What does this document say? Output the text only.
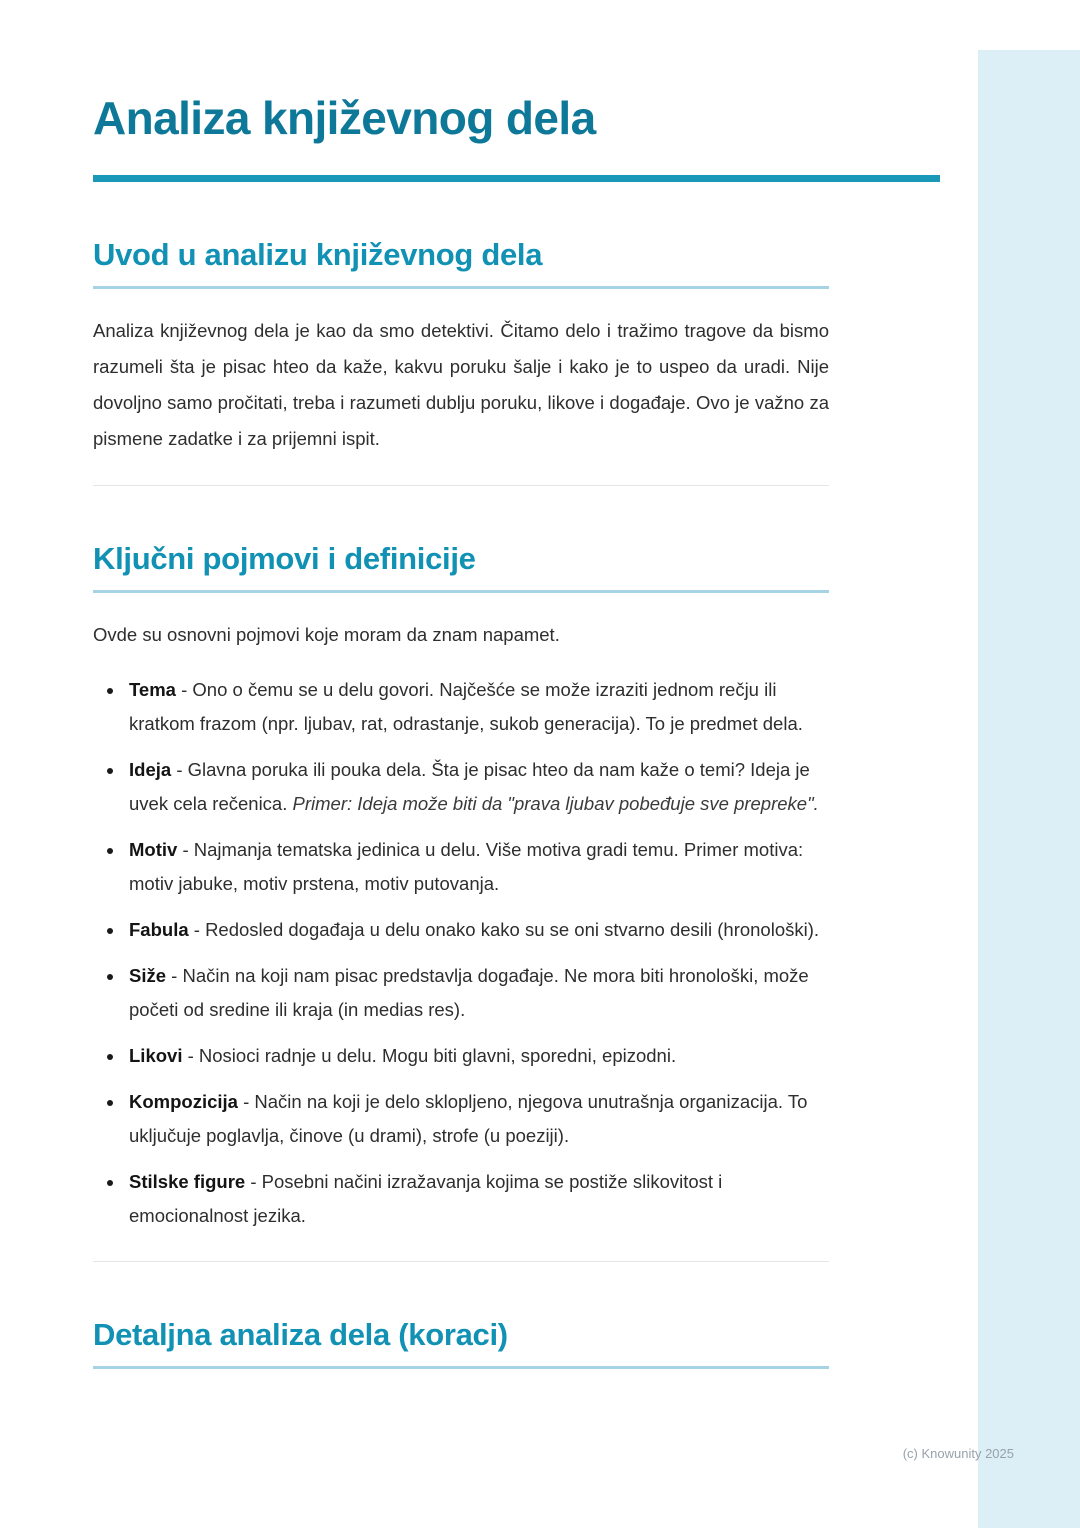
Analiza književnog dela
Uvod u analizu književnog dela

Analiza književnog dela je kao da smo detektivi. Čitamo delo i tražimo tragove da bismo razumeli šta je pisac hteo da kaže, kakvu poruku šalje i kako je to uspeo da uradi. Nije dovoljno samo pročitati, treba i razumeti dublju poruku, likove i događaje. Ovo je važno za pismene zadatke i za prijemni ispit.

Ključni pojmovi i definicije

Ovde su osnovni pojmovi koje moram da znam napamet.

• Tema - Ono o čemu se u delu govori. Najčešće se može izraziti jednom rečju ili kratkom frazom (npr. ljubav, rat, odrastanje, sukob generacija). To je predmet dela.
• Ideja - Glavna poruka ili pouka dela. Šta je pisac hteo da nam kaže o temi? Ideja je uvek cela rečenica. Primer: Ideja može biti da "prava ljubav pobeđuje sve prepreke".
• Motiv - Najmanja tematska jedinica u delu. Više motiva gradi temu. Primer motiva: motiv jabuke, motiv prstena, motiv putovanja.
• Fabula - Redosled događaja u delu onako kako su se oni stvarno desili (hronološki).
• Siže - Način na koji nam pisac predstavlja događaje. Ne mora biti hronološki, može početi od sredine ili kraja (in medias res).
• Likovi - Nosioci radnje u delu. Mogu biti glavni, sporedni, epizodni.
• Kompozicija - Način na koji je delo sklopljeno, njegova unutrašnja organizacija. To uključuje poglavlja, činove (u drami), strofe (u poeziji).
• Stilske figure - Posebni načini izražavanja kojima se postiže slikovitost i emocionalnost jezika.
Detaljna analiza dela (koraci)
(c) Knowunity 2025
